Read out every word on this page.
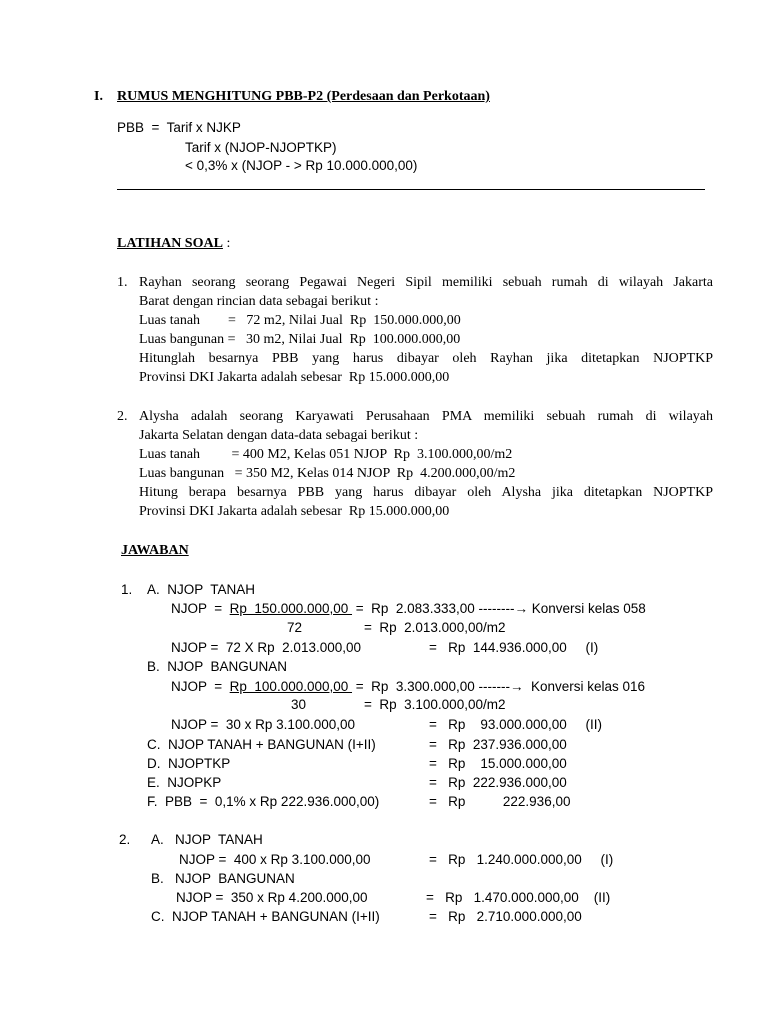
I. RUMUS MENGHITUNG PBB-P2 (Perdesaan dan Perkotaan)
PBB  =  Tarif x NJKP
Tarif x (NJOP-NJOPTKP)
< 0,3% x (NJOP - > Rp 10.000.000,00)
LATIHAN SOAL :
1. Rayhan seorang seorang Pegawai Negeri Sipil memiliki sebuah rumah di wilayah Jakarta
Barat dengan rincian data sebagai berikut :
Luas tanah        =   72 m2, Nilai Jual  Rp  150.000.000,00
Luas bangunan =   30 m2, Nilai Jual  Rp  100.000.000,00
Hitunglah besarnya PBB yang harus dibayar oleh Rayhan jika ditetapkan NJOPTKP
Provinsi DKI Jakarta adalah sebesar  Rp 15.000.000,00
2. Alysha adalah seorang Karyawati Perusahaan PMA memiliki sebuah rumah di wilayah
Jakarta Selatan dengan data-data sebagai berikut :
Luas tanah         = 400 M2, Kelas 051 NJOP  Rp  3.100.000,00/m2
Luas bangunan   = 350 M2, Kelas 014 NJOP  Rp  4.200.000,00/m2
Hitung berapa besarnya PBB yang harus dibayar oleh Alysha jika ditetapkan NJOPTKP
Provinsi DKI Jakarta adalah sebesar  Rp 15.000.000,00
JAWABAN
1. A.  NJOP  TANAH
NJOP  =  Rp  150.000.000,00  =  Rp  2.083.333,00 --------→ Konversi kelas 058
72	=  Rp  2.013.000,00/m2
NJOP =  72 X Rp  2.013.000,00	=   Rp  144.936.000,00     (I)
B.  NJOP  BANGUNAN
NJOP  =  Rp  100.000.000,00  =  Rp  3.300.000,00 -------→  Konversi kelas 016
30	=  Rp  3.100.000,00/m2
NJOP =  30 x Rp 3.100.000,00	=   Rp    93.000.000,00     (II)
C.  NJOP TANAH + BANGUNAN (I+II)	=   Rp  237.936.000,00
D.  NJOPTKP	=   Rp    15.000.000,00
E.  NJOPKP	=   Rp  222.936.000,00
F.  PBB  =  0,1% x Rp 222.936.000,00)	=   Rp          222.936,00
2. A.   NJOP  TANAH
NJOP =  400 x Rp 3.100.000,00	=   Rp   1.240.000.000,00     (I)
B.   NJOP  BANGUNAN
NJOP =  350 x Rp 4.200.000,00	=   Rp   1.470.000.000,00    (II)
C.  NJOP TANAH + BANGUNAN (I+II)	=   Rp   2.710.000.000,00
